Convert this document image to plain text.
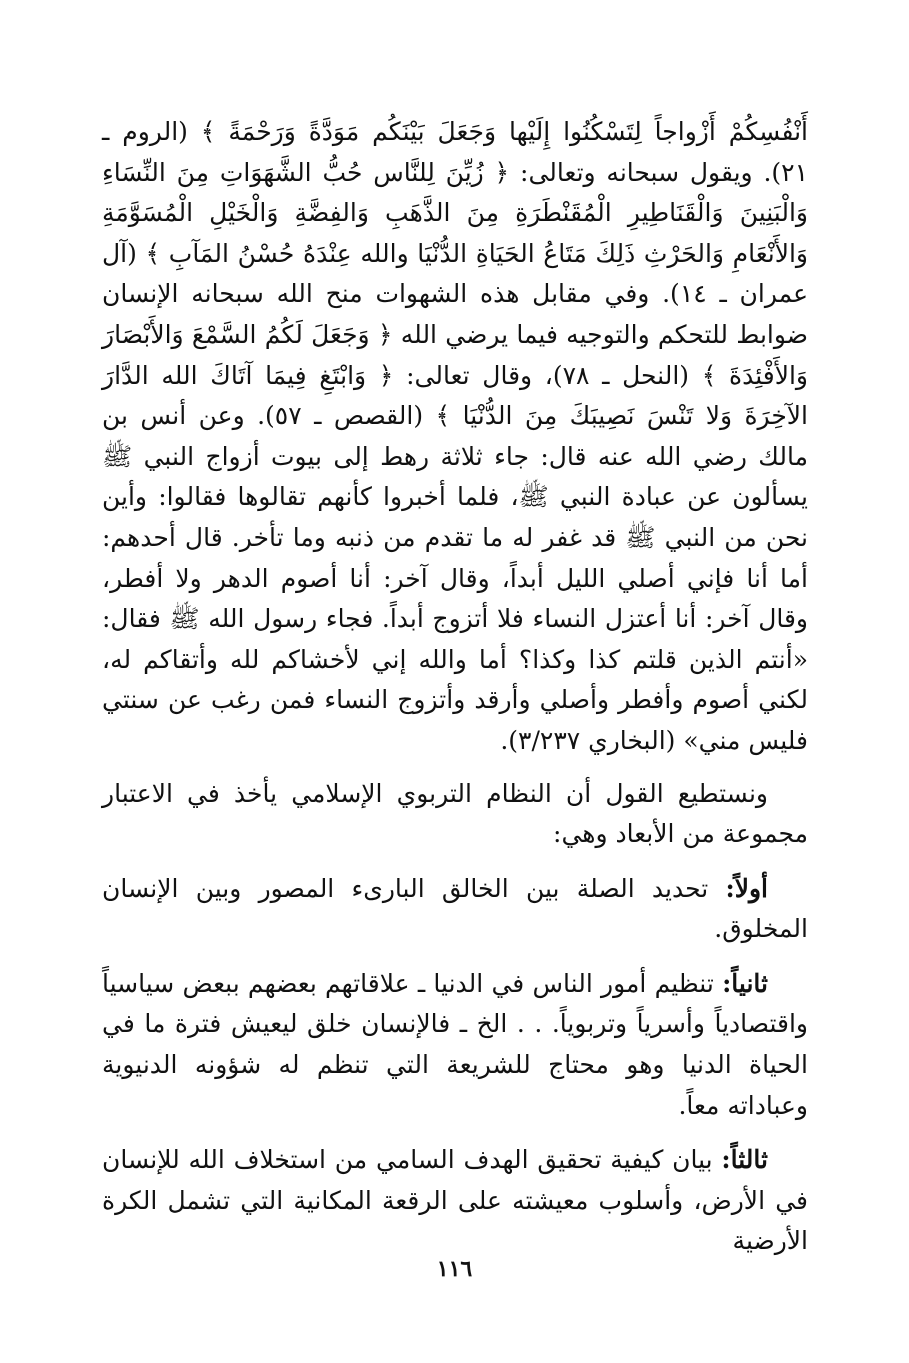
أَنْفُسِكُمْ أَزْواجاً لِتَسْكُنُوا إِلَيْها وَجَعَلَ بَيْنَكُم مَوَدَّةً وَرَحْمَةً ﴾ (الروم ـ ٢١). ويقول سبحانه وتعالى: ﴿ زُيِّنَ لِلنَّاس حُبُّ الشَّهَوَاتِ مِنَ النِّسَاءِ وَالْبَنِينَ وَالْقَنَاطِيرِ الْمُقَنْطَرَةِ مِنَ الذَّهَبِ وَالفِضَّةِ وَالْخَيْلِ الْمُسَوَّمَةِ وَالأَنْعَامِ وَالحَرْثِ ذَلِكَ مَتَاعُ الحَيَاةِ الدُّنْيَا والله عِنْدَهُ حُسْنُ المَآبِ ﴾ (آل عمران ـ ١٤). وفي مقابل هذه الشهوات منح الله سبحانه الإنسان ضوابط للتحكم والتوجيه فيما يرضي الله ﴿ وَجَعَلَ لَكُمُ السَّمْعَ وَالأَبْصَارَ وَالأَفْئِدَةَ ﴾ (النحل ـ ٧٨)، وقال تعالى: ﴿ وَابْتَغِ فِيمَا آتَاكَ الله الدَّارَ الآخِرَةَ وَلا تَنْسَ نَصِيبَكَ مِنَ الدُّنْيَا ﴾ (القصص ـ ٥٧). وعن أنس بن مالك رضي الله عنه قال: جاء ثلاثة رهط إلى بيوت أزواج النبي ﷺ يسألون عن عبادة النبي ﷺ، فلما أخبروا كأنهم تقالوها فقالوا: وأين نحن من النبي ﷺ قد غفر له ما تقدم من ذنبه وما تأخر. قال أحدهم: أما أنا فإني أصلي الليل أبداً، وقال آخر: أنا أصوم الدهر ولا أفطر، وقال آخر: أنا أعتزل النساء فلا أتزوج أبداً. فجاء رسول الله ﷺ فقال: «أنتم الذين قلتم كذا وكذا؟ أما والله إني لأخشاكم لله وأتقاكم له، لكني أصوم وأفطر وأصلي وأرقد وأتزوج النساء فمن رغب عن سنتي فليس مني» (البخاري ٣/٢٣٧).

ونستطيع القول أن النظام التربوي الإسلامي يأخذ في الاعتبار مجموعة من الأبعاد وهي:

أولاً: تحديد الصلة بين الخالق البارىء المصور وبين الإنسان المخلوق.

ثانياً: تنظيم أمور الناس في الدنيا ـ علاقاتهم بعضهم ببعض سياسياً واقتصادياً وأسرياً وتربوياً. . . الخ ـ فالإنسان خلق ليعيش فترة ما في الحياة الدنيا وهو محتاج للشريعة التي تنظم له شؤونه الدنيوية وعباداته معاً.

ثالثاً: بيان كيفية تحقيق الهدف السامي من استخلاف الله للإنسان في الأرض، وأسلوب معيشته على الرقعة المكانية التي تشمل الكرة الأرضية

١١٦
